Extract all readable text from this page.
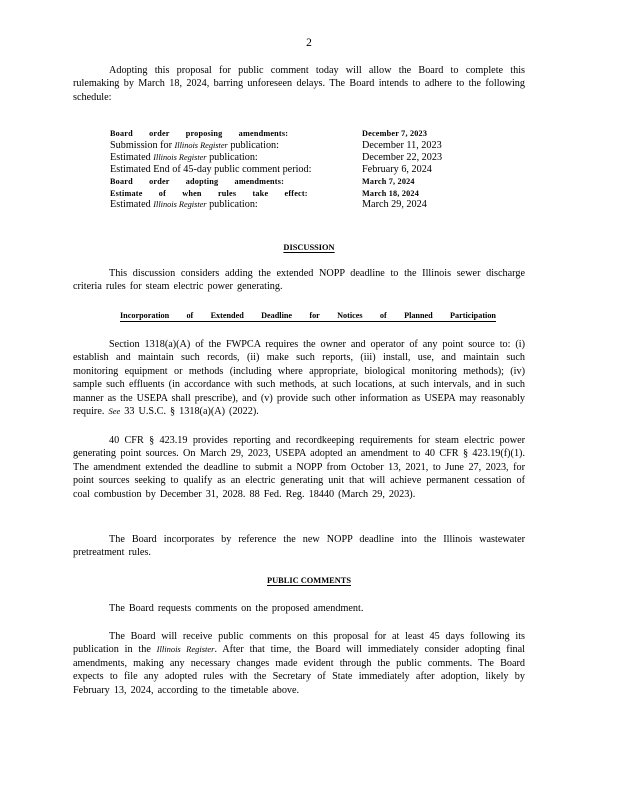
2

Adopting this proposal for public comment today will allow the Board to complete this rulemaking by March 18, 2024, barring unforeseen delays. The Board intends to adhere to the following schedule:

Board order proposing amendments:	December 7, 2023
Submission for Illinois Register publication:	December 11, 2023
Estimated Illinois Register publication:	December 22, 2023
Estimated End of 45-day public comment period:	February 6, 2024
Board order adopting amendments:	March 7, 2024
Estimate of when rules take effect:	March 18, 2024
Estimated Illinois Register publication:	March 29, 2024
DISCUSSION

This discussion considers adding the extended NOPP deadline to the Illinois sewer discharge criteria rules for steam electric power generating.

Incorporation of Extended Deadline for Notices of Planned Participation

Section 1318(a)(A) of the FWPCA requires the owner and operator of any point source to: (i) establish and maintain such records, (ii) make such reports, (iii) install, use, and maintain such monitoring equipment or methods (including where appropriate, biological monitoring methods); (iv) sample such effluents (in accordance with such methods, at such locations, at such intervals, and in such manner as the USEPA shall prescribe), and (v) provide such other information as USEPA may reasonably require. See 33 U.S.C. § 1318(a)(A) (2022).

40 CFR § 423.19 provides reporting and recordkeeping requirements for steam electric power generating point sources. On March 29, 2023, USEPA adopted an amendment to 40 CFR § 423.19(f)(1). The amendment extended the deadline to submit a NOPP from October 13, 2021, to June 27, 2023, for point sources seeking to qualify as an electric generating unit that will achieve permanent cessation of coal combustion by December 31, 2028. 88 Fed. Reg. 18440 (March 29, 2023).

The Board incorporates by reference the new NOPP deadline into the Illinois wastewater pretreatment rules.

PUBLIC COMMENTS

The Board requests comments on the proposed amendment.

The Board will receive public comments on this proposal for at least 45 days following its publication in the Illinois Register. After that time, the Board will immediately consider adopting final amendments, making any necessary changes made evident through the public comments. The Board expects to file any adopted rules with the Secretary of State immediately after adoption, likely by February 13, 2024, according to the timetable above.
